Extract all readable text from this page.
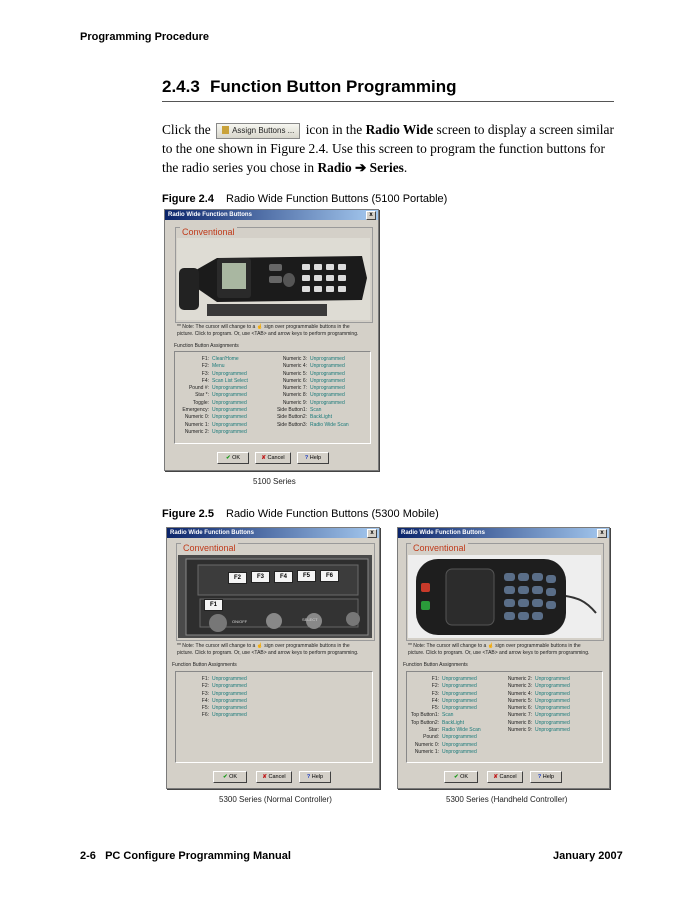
Programming Procedure
2.4.3 Function Button Programming
Click the	Assign Buttons ... icon in the Radio Wide screen to display a screen similar to the one shown in Figure 2.4. Use this screen to program the function buttons for the radio series you chose in Radio ➔ Series.
Figure 2.4 Radio Wide Function Buttons (5100 Portable)
Radio Wide Function Buttons	x
Conventional
** Note: The cursor will change to a ☝ sign over programmable buttons in the
picture. Click to program. Or, use <TAB> and arrow keys to perform programming.
Function Button Assignments
F1: Clear/Home
F2: Menu
F3: Unprogrammed
F4: Scan List Select
Pound #: Unprogrammed
Star *: Unprogrammed
Toggle: Unprogrammed
Emergency: Unprogrammed
Numeric 0: Unprogrammed
Numeric 1: Unprogrammed
Numeric 2: Unprogrammed
Numeric 3: Unprogrammed
Numeric 4: Unprogrammed
Numeric 5: Unprogrammed
Numeric 6: Unprogrammed
Numeric 7: Unprogrammed
Numeric 8: Unprogrammed
Numeric 9: Unprogrammed
Side Button1: Scan
Side Button2: BackLight
Side Button3: Radio Wide Scan
✔ OK	✘ Cancel	? Help
5100 Series
Figure 2.5 Radio Wide Function Buttons (5300 Mobile)
Radio Wide Function Buttons	x
Conventional
F2	F3	F4	F5	F6
F1
ON/OFF	SELECT
** Note: The cursor will change to a ☝ sign over programmable buttons in the
picture. Click to program. Or, use <TAB> and arrow keys to perform programming.
Function Button Assignments
F1: Unprogrammed
F2: Unprogrammed
F3: Unprogrammed
F4: Unprogrammed
F5: Unprogrammed
F6: Unprogrammed
✔ OK	✘ Cancel	? Help
5300 Series (Normal Controller)
Radio Wide Function Buttons	x
Conventional
** Note: The cursor will change to a ☝ sign over programmable buttons in the
picture. Click to program. Or, use <TAB> and arrow keys to perform programming.
Function Button Assignments
F1: Unprogrammed
F2: Unprogrammed
F3: Unprogrammed
F4: Unprogrammed
F5: Unprogrammed
Top Button1: Scan
Top Button2: BackLight
Star: Radio Wide Scan
Pound: Unprogrammed
Numeric 0: Unprogrammed
Numeric 1: Unprogrammed
Numeric 2: Unprogrammed
Numeric 3: Unprogrammed
Numeric 4: Unprogrammed
Numeric 5: Unprogrammed
Numeric 6: Unprogrammed
Numeric 7: Unprogrammed
Numeric 8: Unprogrammed
Numeric 9: Unprogrammed
✔ OK	✘ Cancel	? Help
5300 Series (Handheld Controller)
2-6 PC Configure Programming Manual	January 2007
